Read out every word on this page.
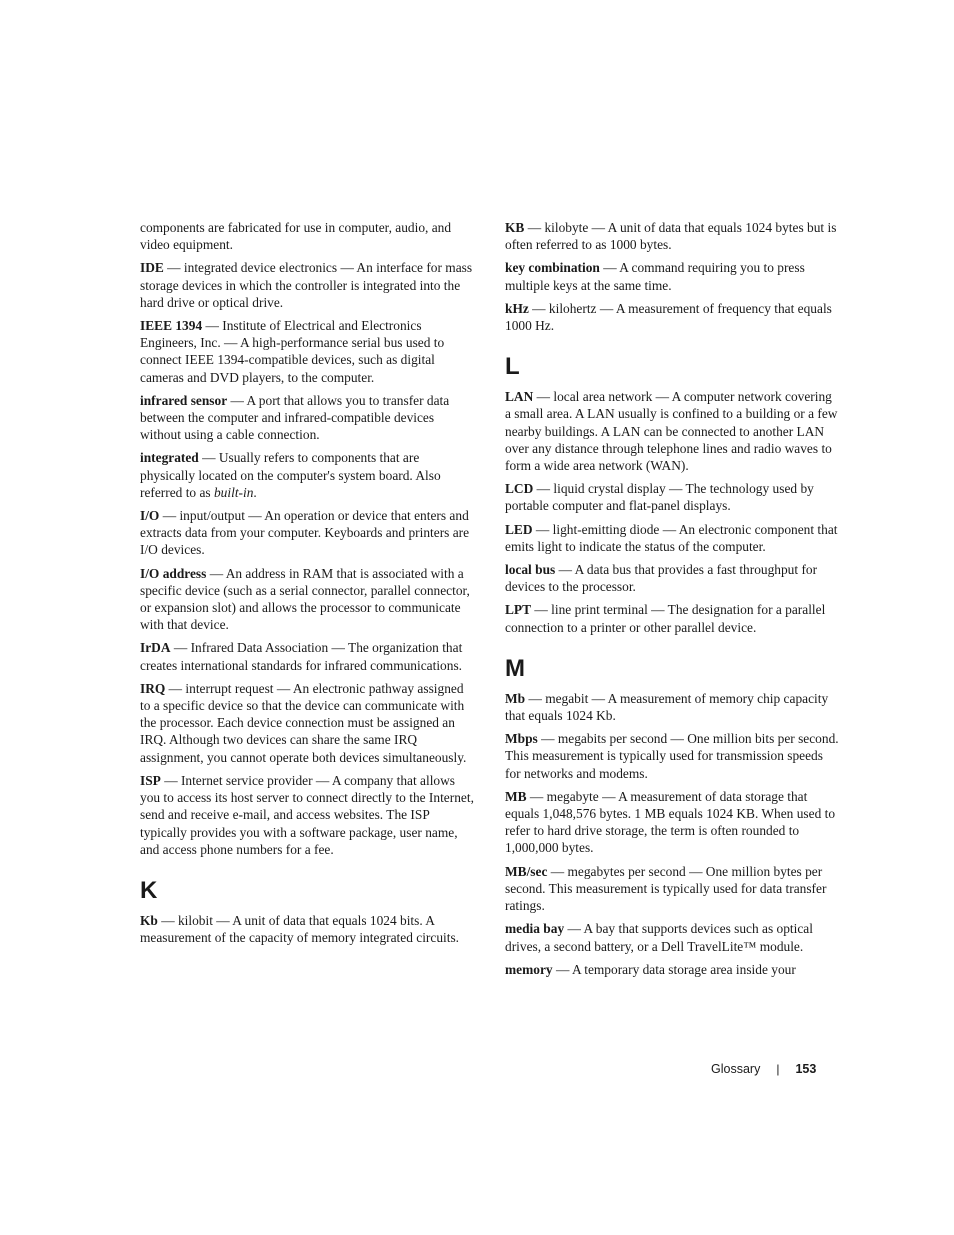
components are fabricated for use in computer, audio, and video equipment.
IDE — integrated device electronics — An interface for mass storage devices in which the controller is integrated into the hard drive or optical drive.
IEEE 1394 — Institute of Electrical and Electronics Engineers, Inc. — A high-performance serial bus used to connect IEEE 1394-compatible devices, such as digital cameras and DVD players, to the computer.
infrared sensor — A port that allows you to transfer data between the computer and infrared-compatible devices without using a cable connection.
integrated — Usually refers to components that are physically located on the computer's system board. Also referred to as built-in.
I/O — input/output — An operation or device that enters and extracts data from your computer. Keyboards and printers are I/O devices.
I/O address — An address in RAM that is associated with a specific device (such as a serial connector, parallel connector, or expansion slot) and allows the processor to communicate with that device.
IrDA — Infrared Data Association — The organization that creates international standards for infrared communications.
IRQ — interrupt request — An electronic pathway assigned to a specific device so that the device can communicate with the processor. Each device connection must be assigned an IRQ. Although two devices can share the same IRQ assignment, you cannot operate both devices simultaneously.
ISP — Internet service provider — A company that allows you to access its host server to connect directly to the Internet, send and receive e-mail, and access websites. The ISP typically provides you with a software package, user name, and access phone numbers for a fee.
K
Kb — kilobit — A unit of data that equals 1024 bits. A measurement of the capacity of memory integrated circuits.
KB — kilobyte — A unit of data that equals 1024 bytes but is often referred to as 1000 bytes.
key combination — A command requiring you to press multiple keys at the same time.
kHz — kilohertz — A measurement of frequency that equals 1000 Hz.
L
LAN — local area network — A computer network covering a small area. A LAN usually is confined to a building or a few nearby buildings. A LAN can be connected to another LAN over any distance through telephone lines and radio waves to form a wide area network (WAN).
LCD — liquid crystal display — The technology used by portable computer and flat-panel displays.
LED — light-emitting diode — An electronic component that emits light to indicate the status of the computer.
local bus — A data bus that provides a fast throughput for devices to the processor.
LPT — line print terminal — The designation for a parallel connection to a printer or other parallel device.
M
Mb — megabit — A measurement of memory chip capacity that equals 1024 Kb.
Mbps — megabits per second — One million bits per second. This measurement is typically used for transmission speeds for networks and modems.
MB — megabyte — A measurement of data storage that equals 1,048,576 bytes. 1 MB equals 1024 KB. When used to refer to hard drive storage, the term is often rounded to 1,000,000 bytes.
MB/sec — megabytes per second — One million bytes per second. This measurement is typically used for data transfer ratings.
media bay — A bay that supports devices such as optical drives, a second battery, or a Dell TravelLite™ module.
memory — A temporary data storage area inside your
Glossary | 153
